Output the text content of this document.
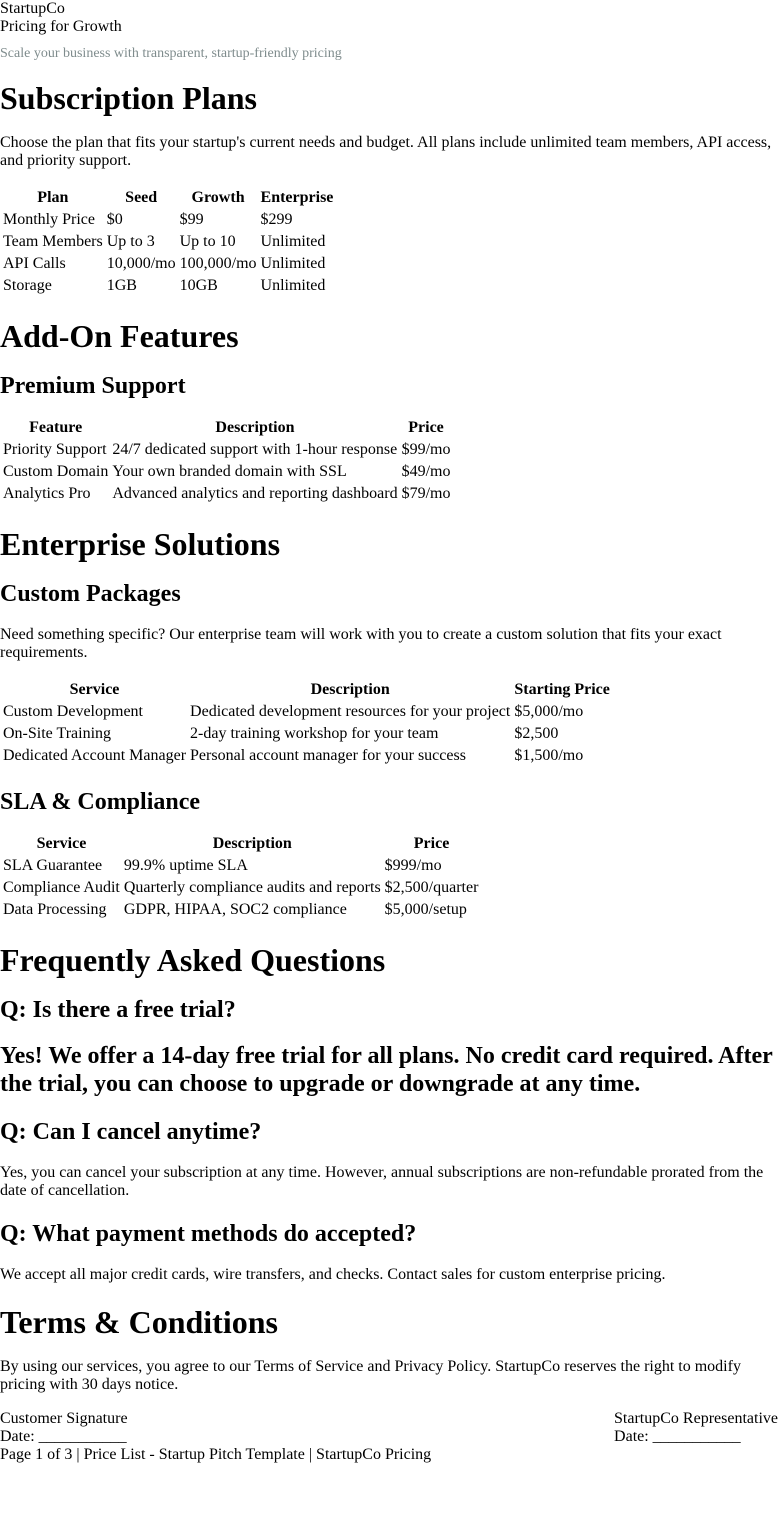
StartupCo
Pricing for Growth

Scale your business with transparent, startup-friendly pricing

Subscription Plans

Choose the plan that fits your startup's current needs and budget. All plans include unlimited team members, API access, and priority support.

Plan	Seed	Growth	Enterprise
Monthly Price	$0	$99	$299
Team Members	Up to 3	Up to 10	Unlimited
API Calls	10,000/mo	100,000/mo	Unlimited
Storage	1GB	10GB	Unlimited
Add-On Features
Premium Support
Feature	Description	Price
Priority Support	24/7 dedicated support with 1-hour response	$99/mo
Custom Domain	Your own branded domain with SSL	$49/mo
Analytics Pro	Advanced analytics and reporting dashboard	$79/mo
Enterprise Solutions
Custom Packages

Need something specific? Our enterprise team will work with you to create a custom solution that fits your exact requirements.

Service	Description	Starting Price
Custom Development	Dedicated development resources for your project	$5,000/mo
On-Site Training	2-day training workshop for your team	$2,500
Dedicated Account Manager	Personal account manager for your success	$1,500/mo
SLA & Compliance
Service	Description	Price
SLA Guarantee	99.9% uptime SLA	$999/mo
Compliance Audit	Quarterly compliance audits and reports	$2,500/quarter
Data Processing	GDPR, HIPAA, SOC2 compliance	$5,000/setup
Frequently Asked Questions
Q: Is there a free trial?
Yes! We offer a 14-day free trial for all plans. No credit card required. After the trial, you can choose to upgrade or downgrade at any time.
Q: Can I cancel anytime?

Yes, you can cancel your subscription at any time. However, annual subscriptions are non-refundable prorated from the date of cancellation.

Q: What payment methods do accepted?

We accept all major credit cards, wire transfers, and checks. Contact sales for custom enterprise pricing.

Terms & Conditions

By using our services, you agree to our Terms of Service and Privacy Policy. StartupCo reserves the right to modify pricing with 30 days notice.

Customer Signature
Date: ___________
StartupCo Representative
Date: ___________
Page 1 of 3 | Price List - Startup Pitch Template | StartupCo Pricing
